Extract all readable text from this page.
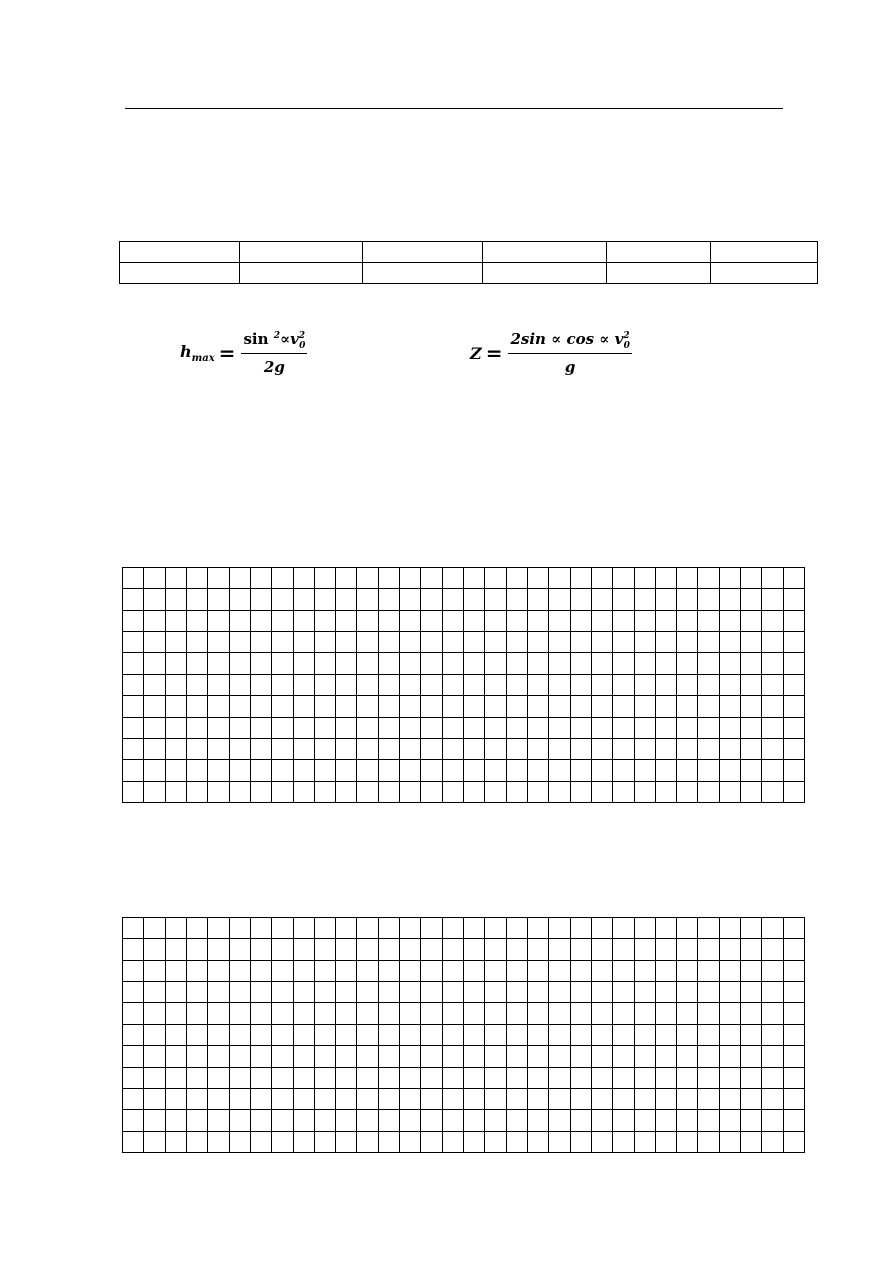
$h_{max} = \frac{\sin ^2\propto v^2_0}{2g}$	$Z = \frac{2\sin \propto \cos \propto v^2_0}{g}$
